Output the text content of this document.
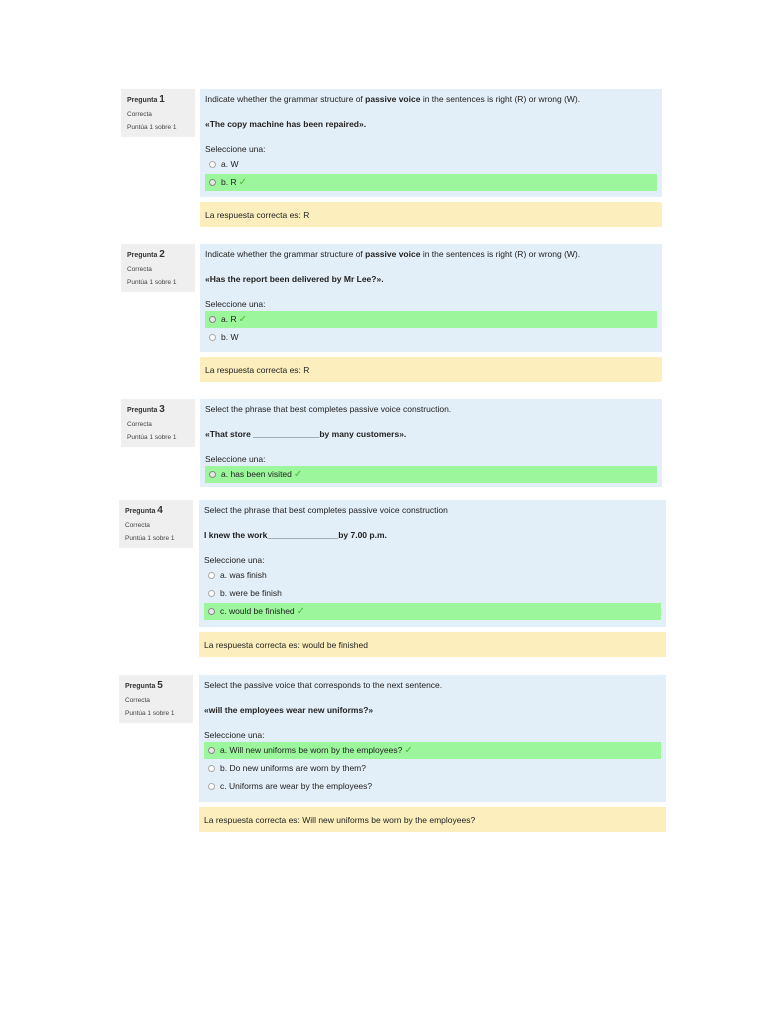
Pregunta 1
Correcta
Puntúa 1 sobre 1
Indicate whether the grammar structure of passive voice in the sentences is right (R) or wrong (W).
«The copy machine has been repaired».
Seleccione una:
a. W
b. R ✓
La respuesta correcta es: R
Pregunta 2
Correcta
Puntúa 1 sobre 1
Indicate whether the grammar structure of passive voice in the sentences is right (R) or wrong (W).
«Has the report been delivered by Mr Lee?».
Seleccione una:
a. R ✓
b. W
La respuesta correcta es: R
Pregunta 3
Correcta
Puntúa 1 sobre 1
Select the phrase that best completes passive voice construction.
«That store ______________by many customers».
Seleccione una:
a. has been visited ✓
Pregunta 4
Correcta
Puntúa 1 sobre 1
Select the phrase that best completes passive voice construction
I knew the work_______________by 7.00 p.m.
Seleccione una:
a. was finish
b. were be finish
c. would be finished ✓
La respuesta correcta es: would be finished
Pregunta 5
Correcta
Puntúa 1 sobre 1
Select the passive voice that corresponds to the next sentence.
«will the employees wear new uniforms?»
Seleccione una:
a. Will new uniforms be worn by the employees? ✓
b. Do new uniforms are worn by them?
c. Uniforms are wear by the employees?
La respuesta correcta es: Will new uniforms be worn by the employees?
